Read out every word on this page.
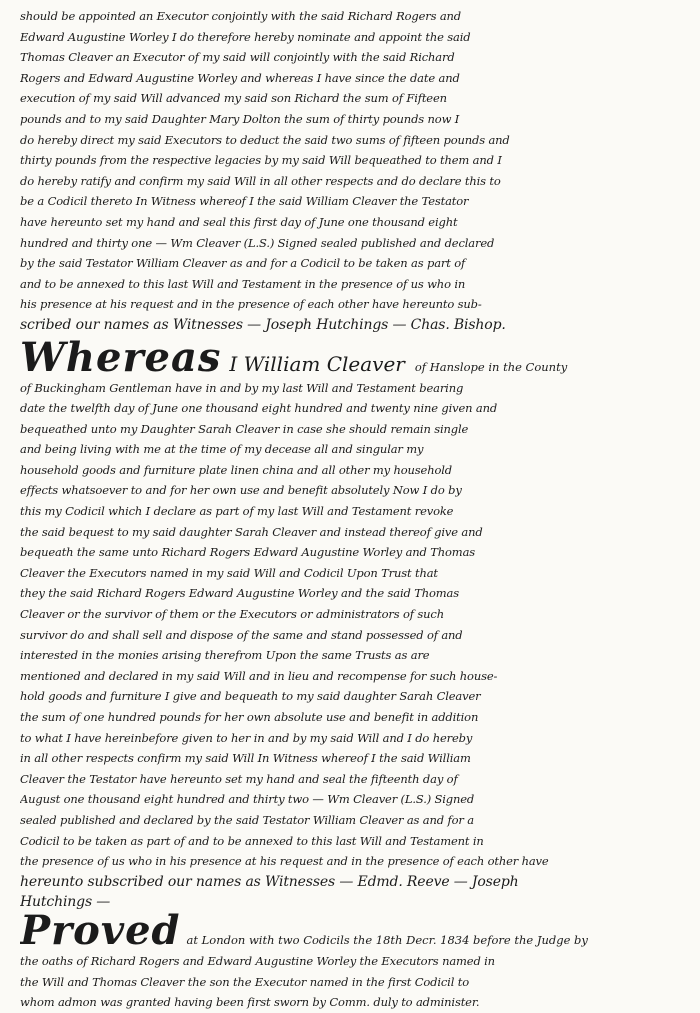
should be appointed an Executor conjointly with the said Richard Rogers and
Edward Augustine Worley I do therefore hereby nominate and appoint the said
Thomas Cleaver an Executor of my said will conjointly with the said Richard
Rogers and Edward Augustine Worley and whereas I have since the date and
execution of my said Will advanced my said son Richard the sum of Fifteen
pounds and to my said Daughter Mary Dolton the sum of thirty pounds now I
do hereby direct my said Executors to deduct the said two sums of fifteen pounds and
thirty pounds from the respective legacies by my said Will bequeathed to them and I
do hereby ratify and confirm my said Will in all other respects and do declare this to
be a Codicil thereto In Witness whereof I the said William Cleaver the Testator
have hereunto set my hand and seal this first day of June one thousand eight
hundred and thirty one — Wm Cleaver (L.S.) Signed sealed published and declared
by the said Testator William Cleaver as and for a Codicil to be taken as part of
and to be annexed to this last Will and Testament in the presence of us who in
his presence at his request and in the presence of each other have hereunto sub-
scribed our names as Witnesses — Joseph Hutchings — Chas. Bishop.
Whereas I William Cleaver of Hanslope in the County
of Buckingham Gentleman have in and by my last Will and Testament bearing
date the twelfth day of June one thousand eight hundred and twenty nine given and
bequeathed unto my Daughter Sarah Cleaver in case she should remain single
and being living with me at the time of my decease all and singular my
household goods and furniture plate linen china and all other my household
effects whatsoever to and for her own use and benefit absolutely Now I do by
this my Codicil which I declare as part of my last Will and Testament revoke
the said bequest to my said daughter Sarah Cleaver and instead thereof give and
bequeath the same unto Richard Rogers Edward Augustine Worley and Thomas
Cleaver the Executors named in my said Will and Codicil Upon Trust that
they the said Richard Rogers Edward Augustine Worley and the said Thomas
Cleaver or the survivor of them or the Executors or administrators of such
survivor do and shall sell and dispose of the same and stand possessed of and
interested in the monies arising therefrom Upon the same Trusts as are
mentioned and declared in my said Will and in lieu and recompense for such house-
hold goods and furniture I give and bequeath to my said daughter Sarah Cleaver
the sum of one hundred pounds for her own absolute use and benefit in addition
to what I have hereinbefore given to her in and by my said Will and I do hereby
in all other respects confirm my said Will In Witness whereof I the said William
Cleaver the Testator have hereunto set my hand and seal the fifteenth day of
August one thousand eight hundred and thirty two — Wm Cleaver (L.S.) Signed
sealed published and declared by the said Testator William Cleaver as and for a
Codicil to be taken as part of and to be annexed to this last Will and Testament in
the presence of us who in his presence at his request and in the presence of each other have
hereunto subscribed our names as Witnesses — Edmd. Reeve — Joseph
Hutchings —
Proved at London with two Codicils the 18th Decr. 1834 before the Judge by
the oaths of Richard Rogers and Edward Augustine Worley the Executors named in
the Will and Thomas Cleaver the son the Executor named in the first Codicil to
whom admon was granted having been first sworn by Comm. duly to administer.
